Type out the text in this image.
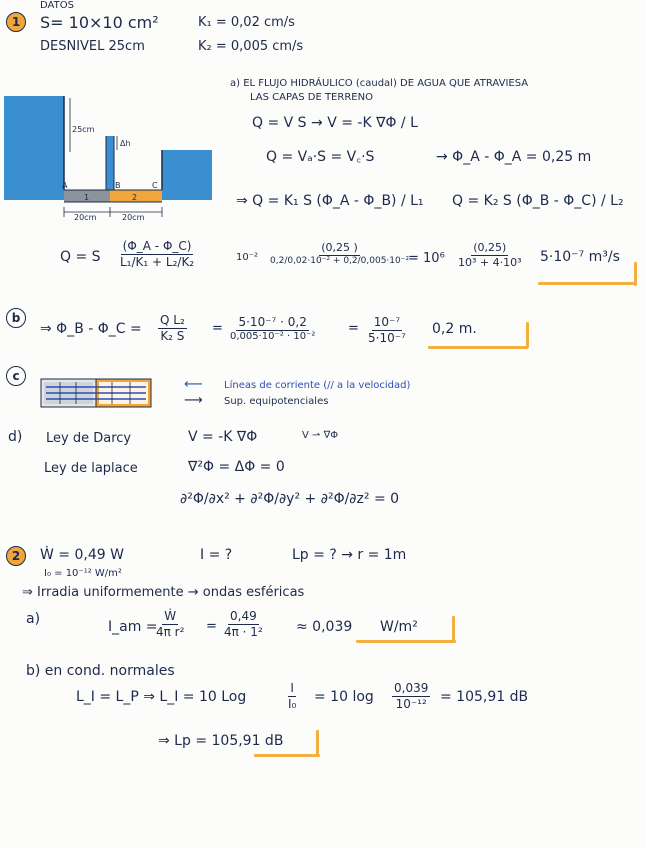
DATOS
1	S= 10×10 cm²
DESNIVEL 25cm
K₁ = 0,02 cm/s
K₂ = 0,005 cm/s
25cm
Δh
A	B	C
1	2
20cm	20cm
a) EL FLUJO HIDRÁULICO (caudal) DE AGUA QUE ATRAVIESA
LAS CAPAS DE TERRENO
Q = V S → V = -K ∇Φ / L
Q = Vₐ·S = V꜀·S	→ Φ_A - Φ_A = 0,25 m
⇒ Q = K₁ S (Φ_A - Φ_B) / L₁ Q = K₂ S (Φ_B - Φ_C) / L₂
Q = S $\frac{(\Phi\_A - \Phi\_C)}{\text{L₁/K₁ + L₂/K₂}}$	10⁻²
(0,25 )
0,2/0,02·10⁻² + 0,2/0,005·10⁻²
= $10^6 \frac{(0,25)}{\text{10³ + 4·10³}} 5\cdot 10^{-7}$ m³/s
b
⇒ Φ_B - Φ_C = $\frac{\text{Q L₂}}{\text{K₂ S}} = 5\cdot 10^{-7} \cdot 0,2$
0,005·10⁻² · 10⁻²
= $\frac{\text{10⁻⁷}}{\text{5·10⁻⁷}} 0,2$ m.
c
⟵ Líneas de corriente (// a la velocidad)
⟶ Sup. equipotenciales
d) Ley de Darcy	V = -K ∇Φ	V ⇀ ∇Φ
Ley de laplace	∇²Φ = ΔΦ = 0
∂²Φ/∂x² + ∂²Φ/∂y² + ∂²Φ/∂z² = 0
2	Ẇ = 0,49 W
I₀ = 10⁻¹² W/m²
I = ?	Lp = ? → r = 1m
⇒ Irradia uniformemente → ondas esféricas
a)	I_am =
$\frac{\text{Ẇ}}{\text{4π r²}} = \frac{0,49}{\text{4π · 1²}} \approx 0,039$ W/m²
b) en cond. normales
L_I = L_P ⇒ L_I = 10 Log	$\frac{I}{\text{I₀}} = 10$ $\log \frac{0,039}{\text{10⁻¹²}} = 105,91$ dB
⇒ Lp = 105,91 dB
